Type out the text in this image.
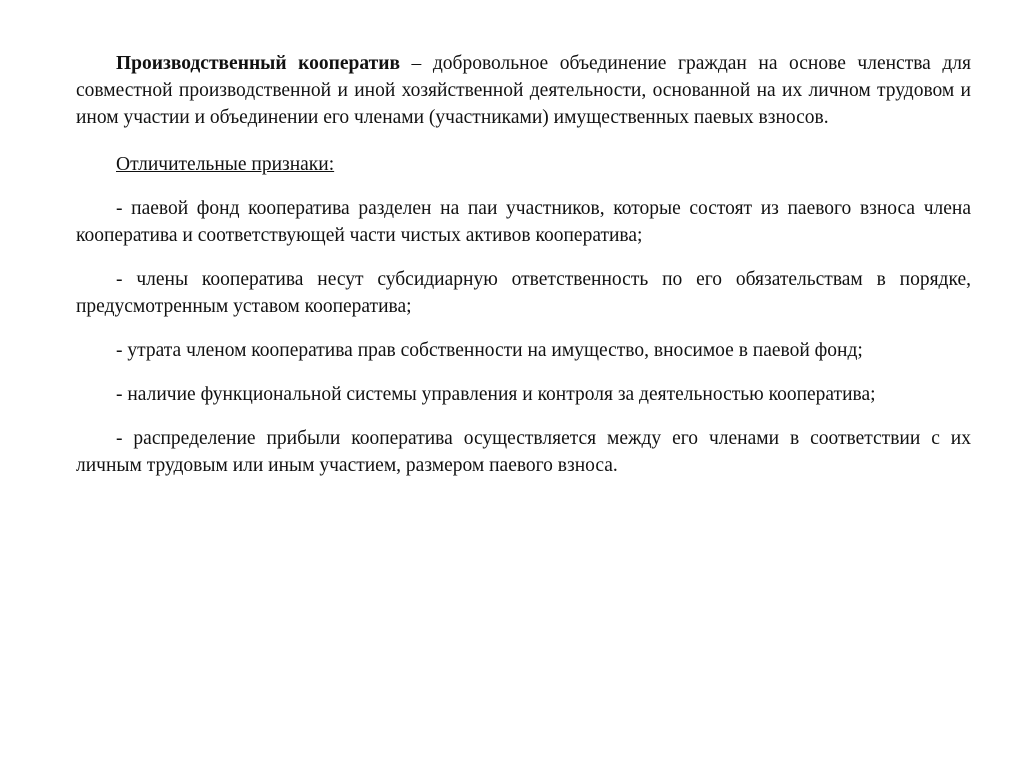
Производственный кооператив – добровольное объединение граждан на основе членства для совместной производственной и иной хозяйственной деятельности, основанной на их личном трудовом и ином участии и объединении его членами (участниками) имущественных паевых взносов.

Отличительные признаки:

- паевой фонд кооператива разделен на паи участников, которые состоят из паевого взноса члена кооператива и соответствующей части чистых активов кооператива;

- члены кооператива несут субсидиарную ответственность по его обязательствам в порядке, предусмотренным уставом кооператива;

- утрата членом кооператива прав собственности на имущество, вносимое в паевой фонд;

- наличие функциональной системы управления и контроля за деятельностью кооператива;

- распределение прибыли кооператива осуществляется между его членами в соответствии с их личным трудовым или иным участием, размером паевого взноса.
